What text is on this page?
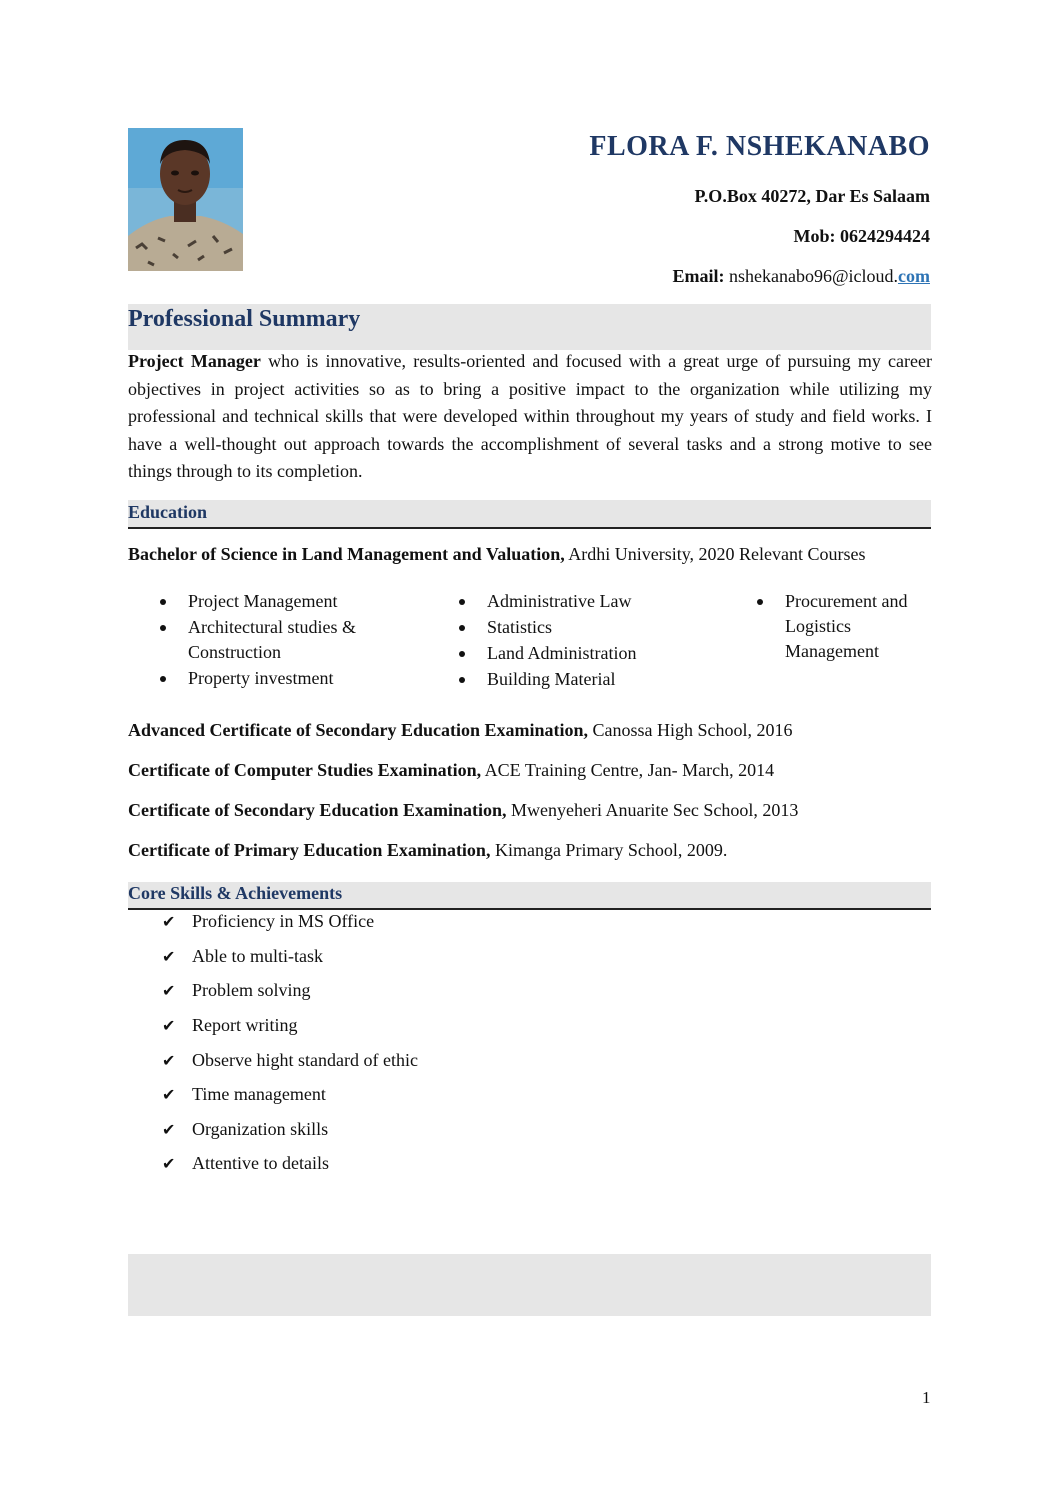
FLORA F. NSHEKANABO
P.O.Box 40272, Dar Es Salaam
Mob: 0624294424
Email: nshekanabo96@icloud.com
Professional Summary

Project Manager who is innovative, results-oriented and focused with a great urge of pursuing my career objectives in project activities so as to bring a positive impact to the organization while utilizing my professional and technical skills that were developed within throughout my years of study and field works. I have a well-thought out approach towards the accomplishment of several tasks and a strong motive to see things through to its completion.

Education
Bachelor of Science in Land Management and Valuation, Ardhi University, 2020 Relevant Courses
Project Management
Architectural studies & Construction
Property investment
Administrative Law
Statistics
Land Administration
Building Material
Procurement and Logistics Management
Advanced Certificate of Secondary Education Examination, Canossa High School, 2016
Certificate of Computer Studies Examination, ACE Training Centre, Jan- March, 2014
Certificate of Secondary Education Examination, Mwenyeheri Anuarite Sec School, 2013
Certificate of Primary Education Examination, Kimanga Primary School, 2009.
Core Skills & Achievements
✔ Proficiency in MS Office
✔ Able to multi-task
✔ Problem solving
✔ Report writing
✔ Observe hight standard of ethic
✔ Time management
✔ Organization skills
✔ Attentive to details
1
